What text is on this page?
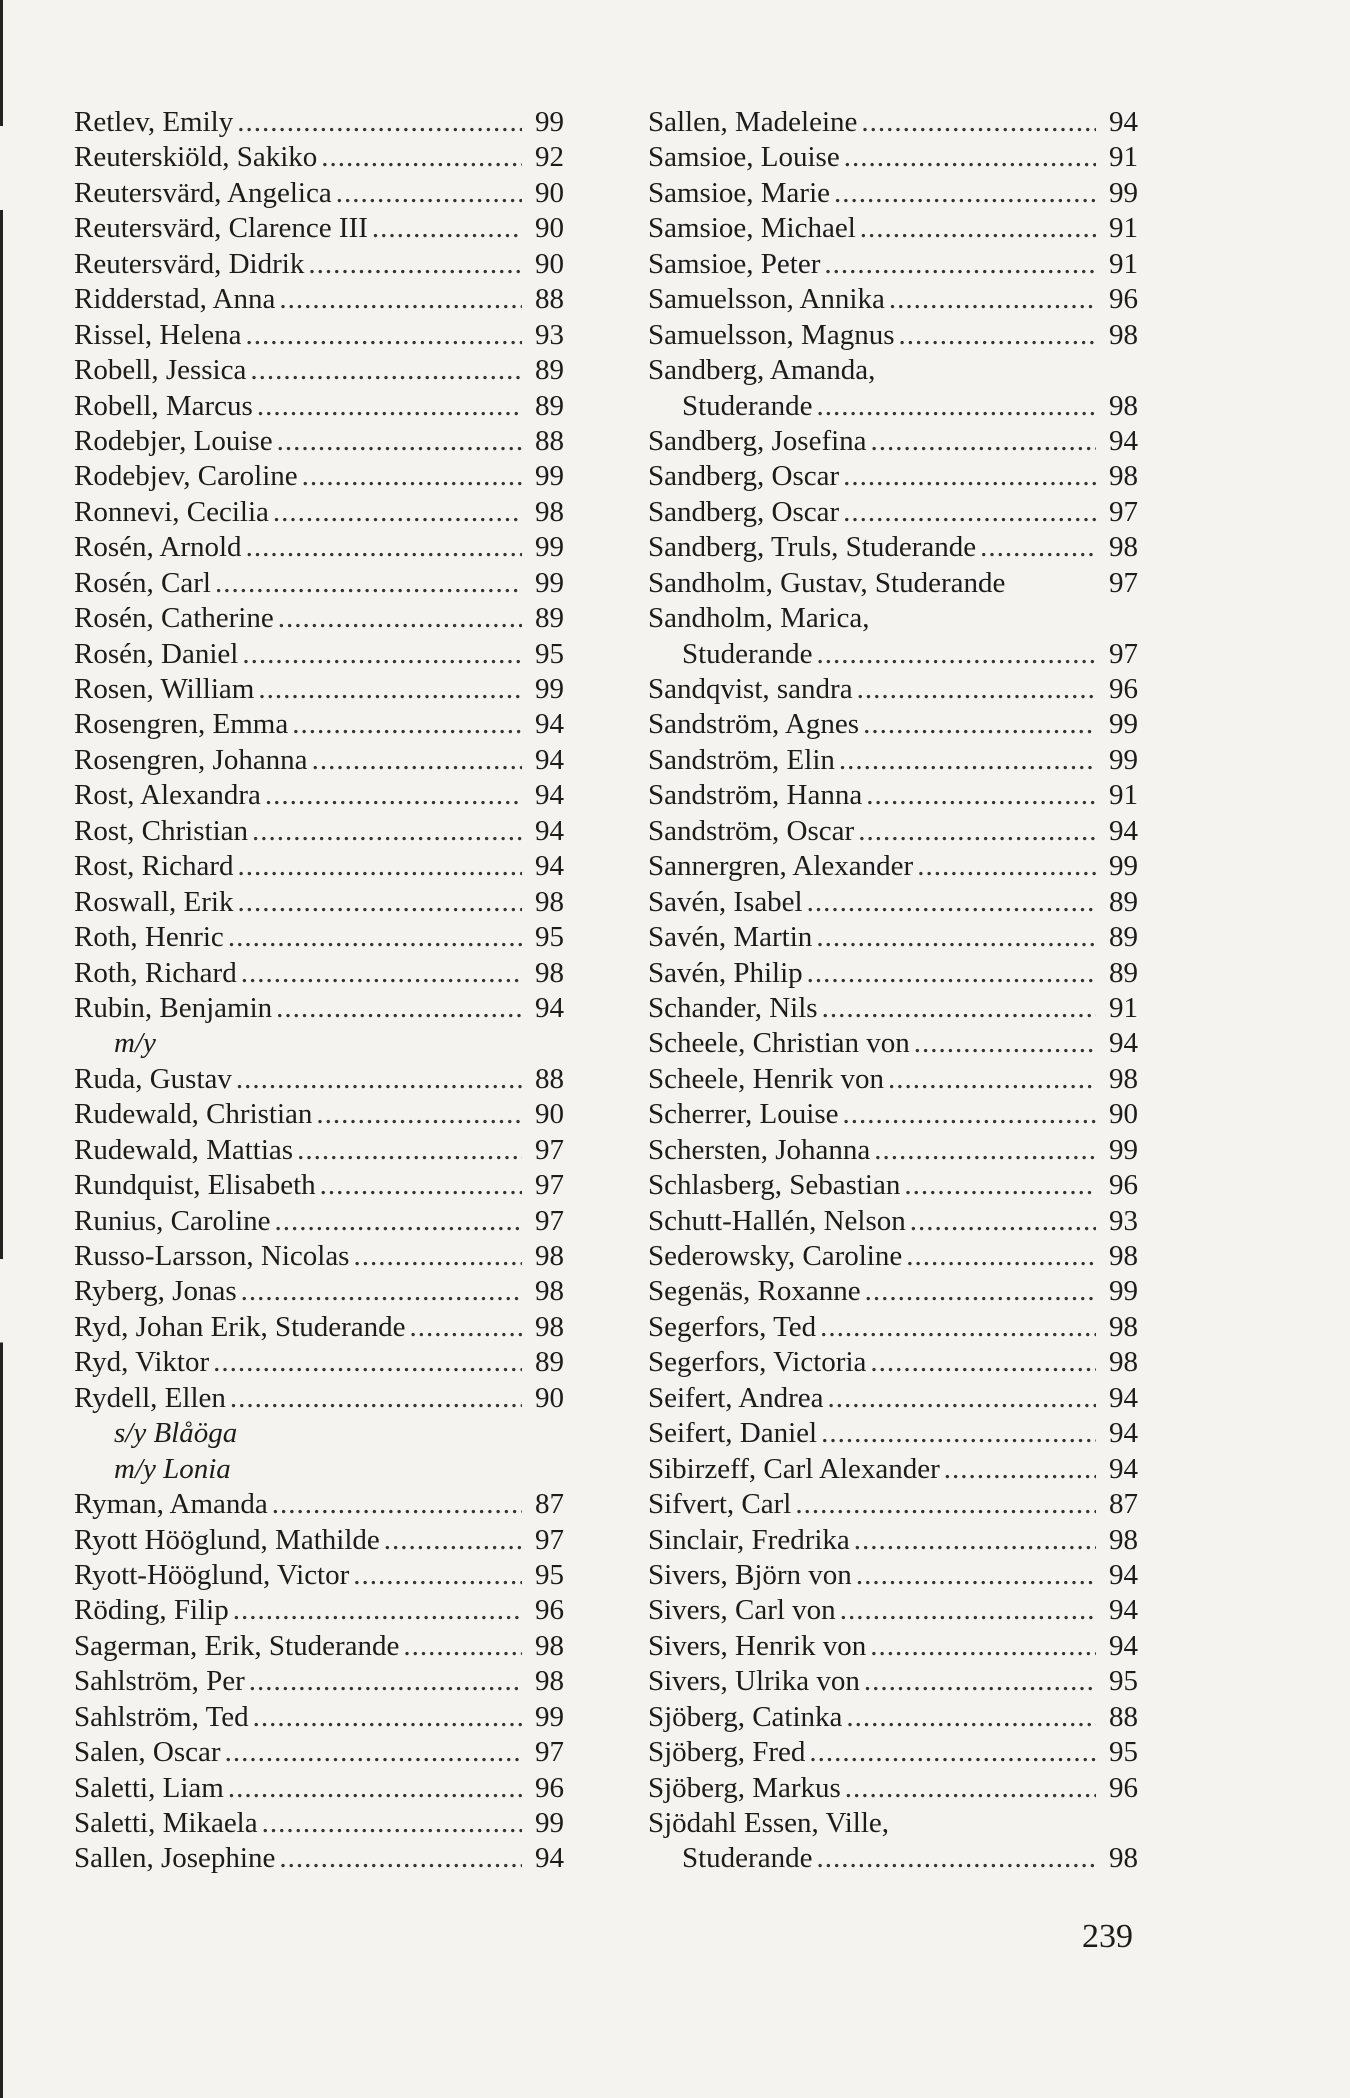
Retlev, Emily .....	99
Reuterskiöld, Sakiko .....	92
Reutersvärd, Angelica .....	90
Reutersvärd, Clarence III .....	90
Reutersvärd, Didrik .....	90
Ridderstad, Anna .....	88
Rissel, Helena .....	93
Robell, Jessica .....	89
Robell, Marcus .....	89
Rodebjer, Louise .....	88
Rodebjev, Caroline .....	99
Ronnevi, Cecilia .....	98
Rosén, Arnold .....	99
Rosén, Carl .....	99
Rosén, Catherine .....	89
Rosén, Daniel .....	95
Rosen, William .....	99
Rosengren, Emma .....	94
Rosengren, Johanna .....	94
Rost, Alexandra .....	94
Rost, Christian .....	94
Rost, Richard .....	94
Roswall, Erik .....	98
Roth, Henric .....	95
Roth, Richard .....	98
Rubin, Benjamin .....	94
m/y
Ruda, Gustav .....	88
Rudewald, Christian .....	90
Rudewald, Mattias .....	97
Rundquist, Elisabeth .....	97
Runius, Caroline .....	97
Russo-Larsson, Nicolas .....	98
Ryberg, Jonas .....	98
Ryd, Johan Erik, Studerande .....	98
Ryd, Viktor .....	89
Rydell, Ellen .....	90
s/y Blåöga
m/y Lonia
Ryman, Amanda .....	87
Ryott Hööglund, Mathilde .....	97
Ryott-Hööglund, Victor .....	95
Röding, Filip .....	96
Sagerman, Erik, Studerande .....	98
Sahlström, Per .....	98
Sahlström, Ted .....	99
Salen, Oscar .....	97
Saletti, Liam .....	96
Saletti, Mikaela .....	99
Sallen, Josephine .....	94
Sallen, Madeleine .....	94
Samsioe, Louise .....	91
Samsioe, Marie .....	99
Samsioe, Michael .....	91
Samsioe, Peter .....	91
Samuelsson, Annika .....	96
Samuelsson, Magnus .....	98
Sandberg, Amanda,
Studerande .....	98
Sandberg, Josefina .....	94
Sandberg, Oscar .....	98
Sandberg, Oscar .....	97
Sandberg, Truls, Studerande .....	98
Sandholm, Gustav, Studerande	97
Sandholm, Marica,
Studerande .....	97
Sandqvist, sandra .....	96
Sandström, Agnes .....	99
Sandström, Elin .....	99
Sandström, Hanna .....	91
Sandström, Oscar .....	94
Sannergren, Alexander .....	99
Savén, Isabel .....	89
Savén, Martin .....	89
Savén, Philip .....	89
Schander, Nils .....	91
Scheele, Christian von .....	94
Scheele, Henrik von .....	98
Scherrer, Louise .....	90
Schersten, Johanna .....	99
Schlasberg, Sebastian .....	96
Schutt-Hallén, Nelson .....	93
Sederowsky, Caroline .....	98
Segenäs, Roxanne .....	99
Segerfors, Ted .....	98
Segerfors, Victoria .....	98
Seifert, Andrea .....	94
Seifert, Daniel .....	94
Sibirzeff, Carl Alexander .....	94
Sifvert, Carl .....	87
Sinclair, Fredrika .....	98
Sivers, Björn von .....	94
Sivers, Carl von .....	94
Sivers, Henrik von .....	94
Sivers, Ulrika von .....	95
Sjöberg, Catinka .....	88
Sjöberg, Fred .....	95
Sjöberg, Markus .....	96
Sjödahl Essen, Ville,
Studerande .....	98
239
